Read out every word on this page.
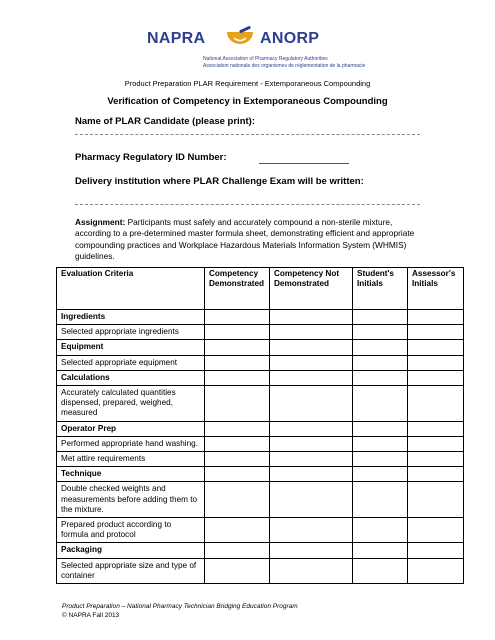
NAPRA	ANORP
National Association of Pharmacy Regulatory Authorities
Association nationale des organismes de réglementation de la pharmacie
Product Preparation PLAR Requirement - Extemporaneous Compounding
Verification of Competency in Extemporaneous Compounding
Name of PLAR Candidate (please print):
Pharmacy Regulatory ID Number:
Delivery institution where PLAR Challenge Exam will be written:
Assignment: Participants must safely and accurately compound a non-sterile mixture, according to a pre-determined master formula sheet, demonstrating efficient and appropriate compounding practices and Workplace Hazardous Materials Information System (WHMIS) guidelines.
Evaluation Criteria	Competency Demonstrated	Competency Not Demonstrated	Student's Initials	Assessor's Initials
Ingredients				
Selected appropriate ingredients				
Equipment				
Selected appropriate equipment				
Calculations				
Accurately calculated quantities dispensed, prepared, weighed, measured				
Operator Prep				
Performed appropriate hand washing.				
Met attire requirements				
Technique				
Double checked weights and measurements before adding them to the mixture.				
Prepared product according to formula and protocol				
Packaging				
Selected appropriate size and type of container				
Product Preparation – National Pharmacy Technician Bridging Education Program
© NAPRA Fall 2013
